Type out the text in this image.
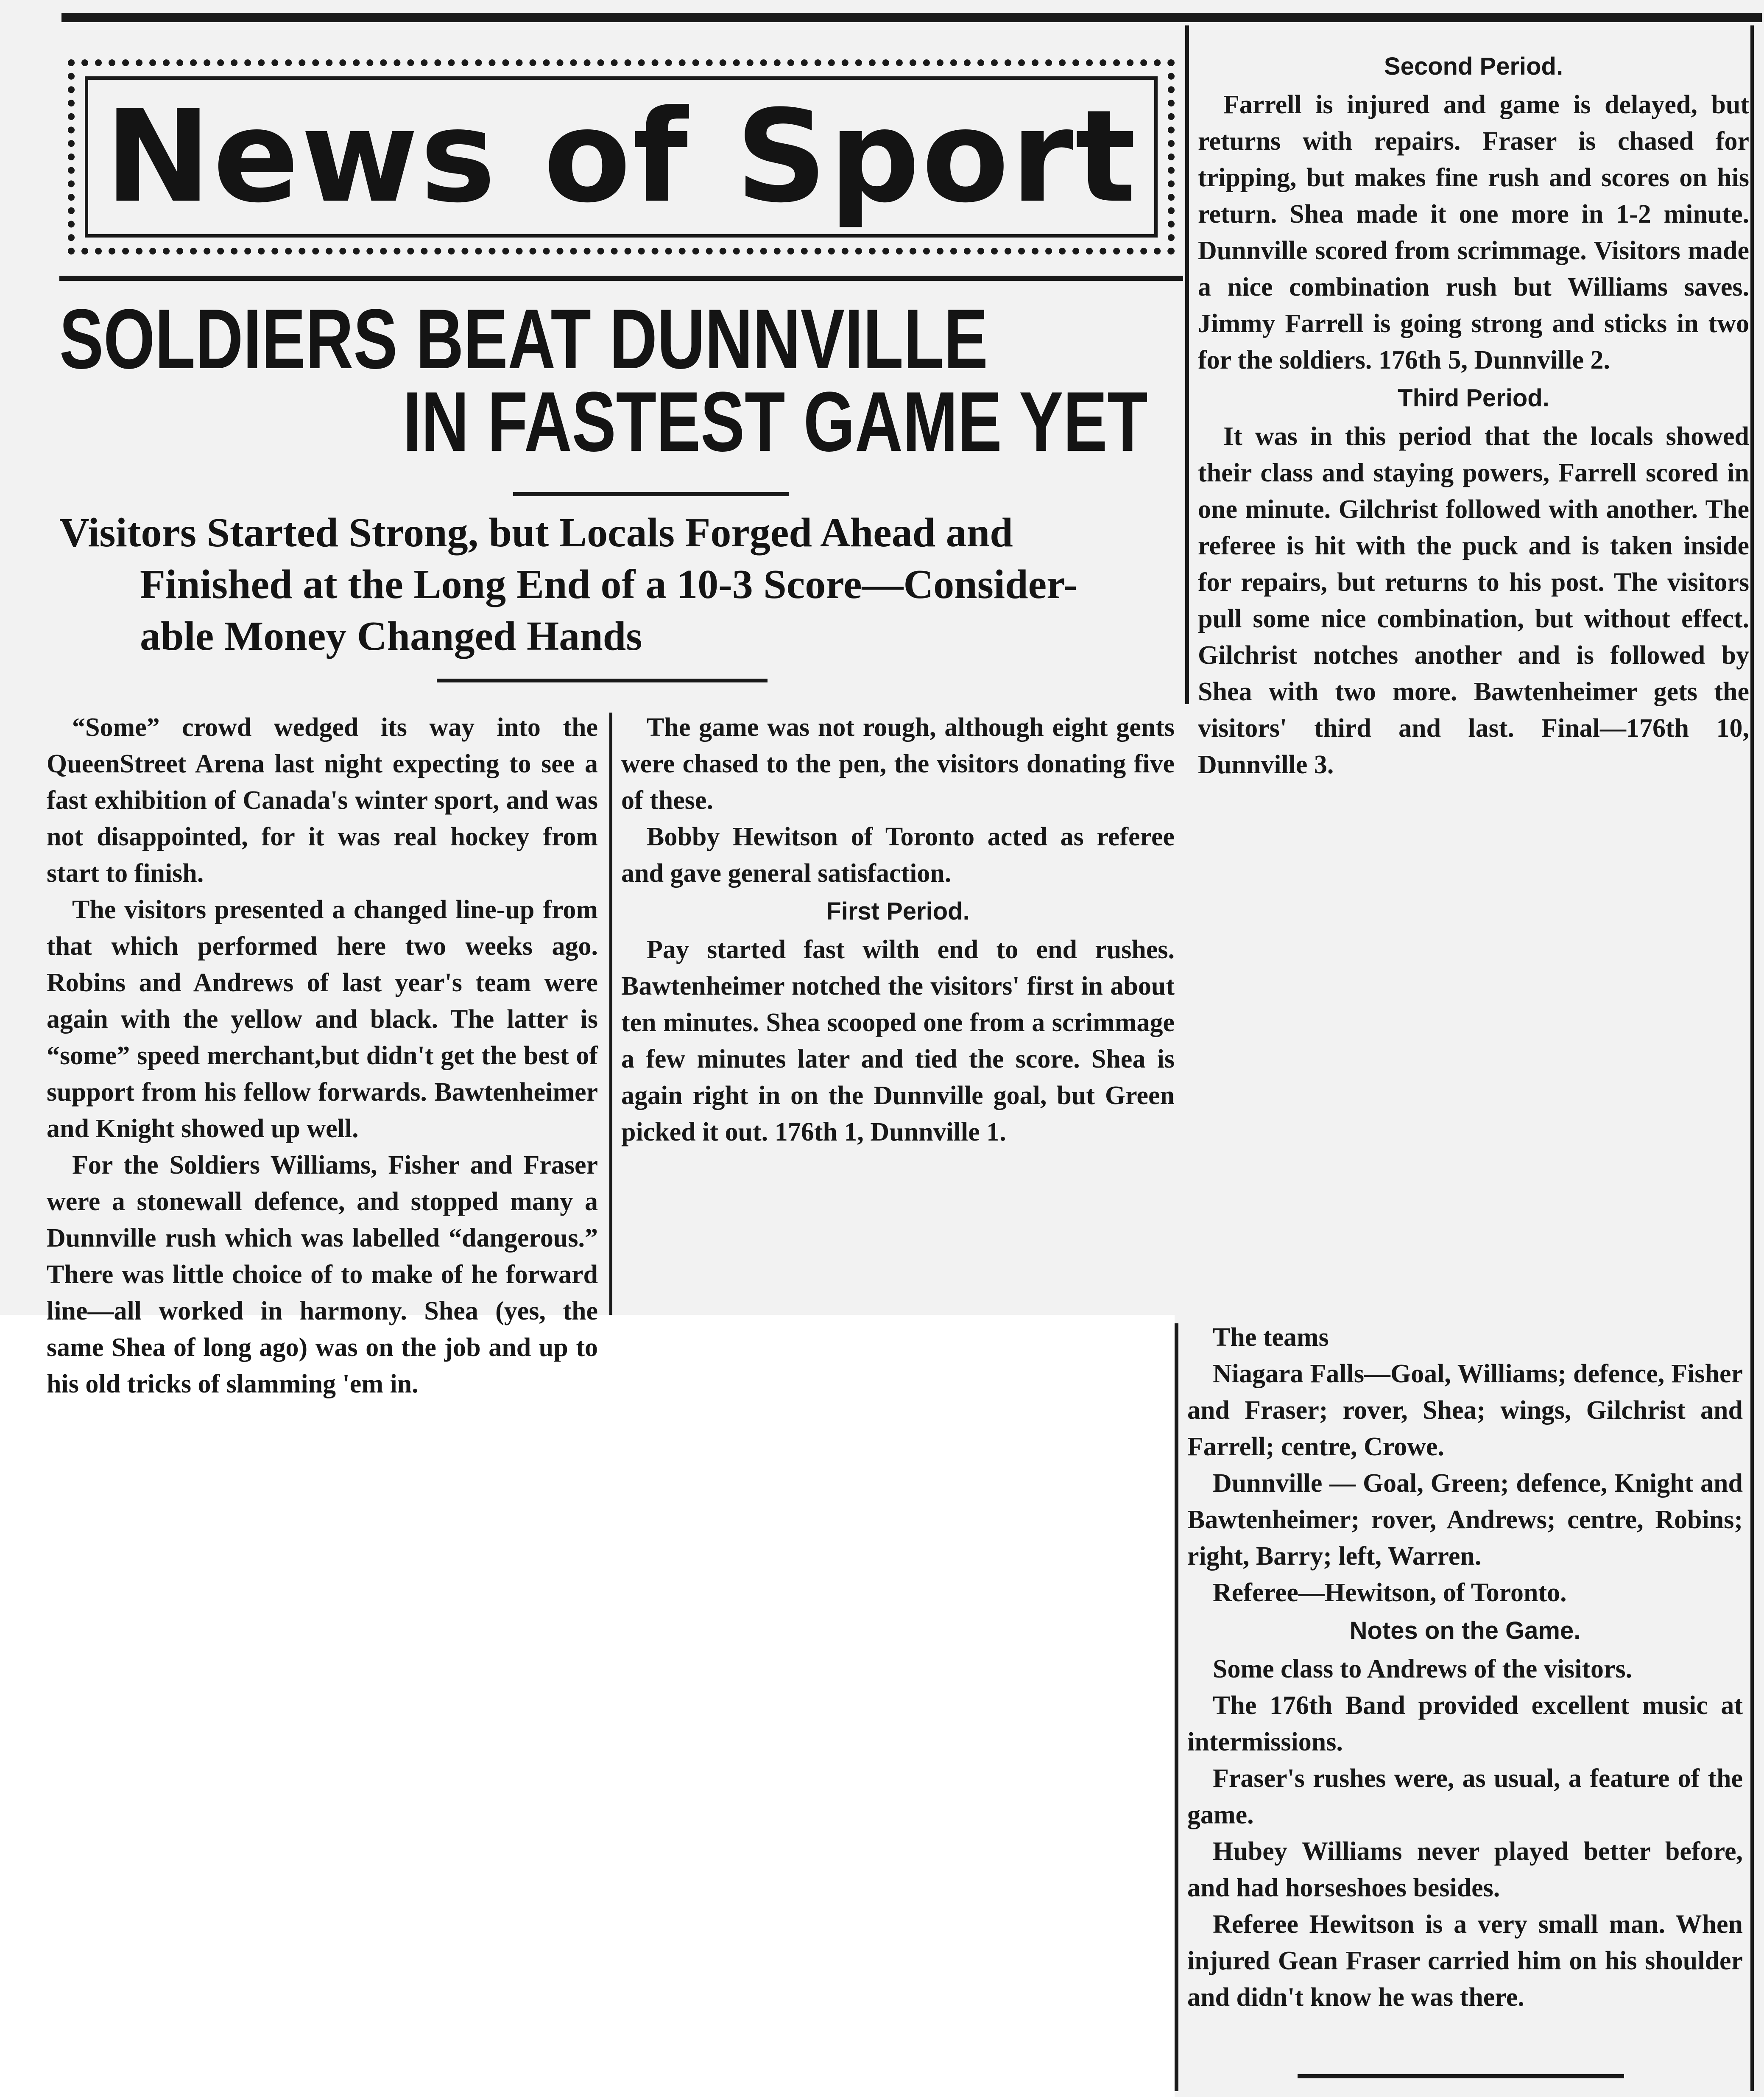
News of Sport
SOLDIERS BEAT DUNNVILLE
IN FASTEST GAME YET
Visitors Started Strong, but Locals Forged Ahead and
Finished at the Long End of a 10-3 Score—Consider-
able Money Changed Hands

“Some” crowd wedged its way into the QueenStreet Arena last night expecting to see a fast exhibition of Canada's winter sport, and was not disappointed, for it was real hockey from start to finish.

The visitors presented a changed line-up from that which performed here two weeks ago. Robins and Andrews of last year's team were again with the yellow and black. The latter is “some” speed merchant,but didn't get the best of support from his fellow forwards. Bawtenheimer and Knight showed up well.

For the Soldiers Williams, Fisher and Fraser were a stonewall defence, and stopped many a Dunnville rush which was labelled “dangerous.” There was little choice of to make of he forward line—all worked in harmony. Shea (yes, the same Shea of long ago) was on the job and up to his old tricks of slamming 'em in.

The game was not rough, although eight gents were chased to the pen, the visitors donating five of these.

Bobby Hewitson of Toronto acted as referee and gave general satisfaction.

First Period.

Pay started fast wilth end to end rushes. Bawtenheimer notched the visitors' first in about ten minutes. Shea scooped one from a scrimmage a few minutes later and tied the score. Shea is again right in on the Dunnville goal, but Green picked it out. 176th 1, Dunnville 1.

Second Period.

Farrell is injured and game is delayed, but returns with repairs. Fraser is chased for tripping, but makes fine rush and scores on his return. Shea made it one more in 1-2 minute. Dunnville scored from scrimmage. Visitors made a nice combination rush but Williams saves. Jimmy Farrell is going strong and sticks in two for the soldiers. 176th 5, Dunnville 2.

Third Period.

It was in this period that the locals showed their class and staying powers, Farrell scored in one minute. Gilchrist followed with another. The referee is hit with the puck and is taken inside for repairs, but returns to his post. The visitors pull some nice combination, but without effect. Gilchrist notches another and is followed by Shea with two more. Bawtenheimer gets the visitors' third and last. Final—176th 10, Dunnville 3.

The teams

Niagara Falls—Goal, Williams; defence, Fisher and Fraser; rover, Shea; wings, Gilchrist and Farrell; centre, Crowe.

Dunnville — Goal, Green; defence, Knight and Bawtenheimer; rover, Andrews; centre, Robins; right, Barry; left, Warren.

Referee—Hewitson, of Toronto.

Notes on the Game.

Some class to Andrews of the visitors.

The 176th Band provided excellent music at intermissions.

Fraser's rushes were, as usual, a feature of the game.

Hubey Williams never played better before, and had horseshoes besides.

Referee Hewitson is a very small man. When injured Gean Fraser carried him on his shoulder and didn't know he was there.
